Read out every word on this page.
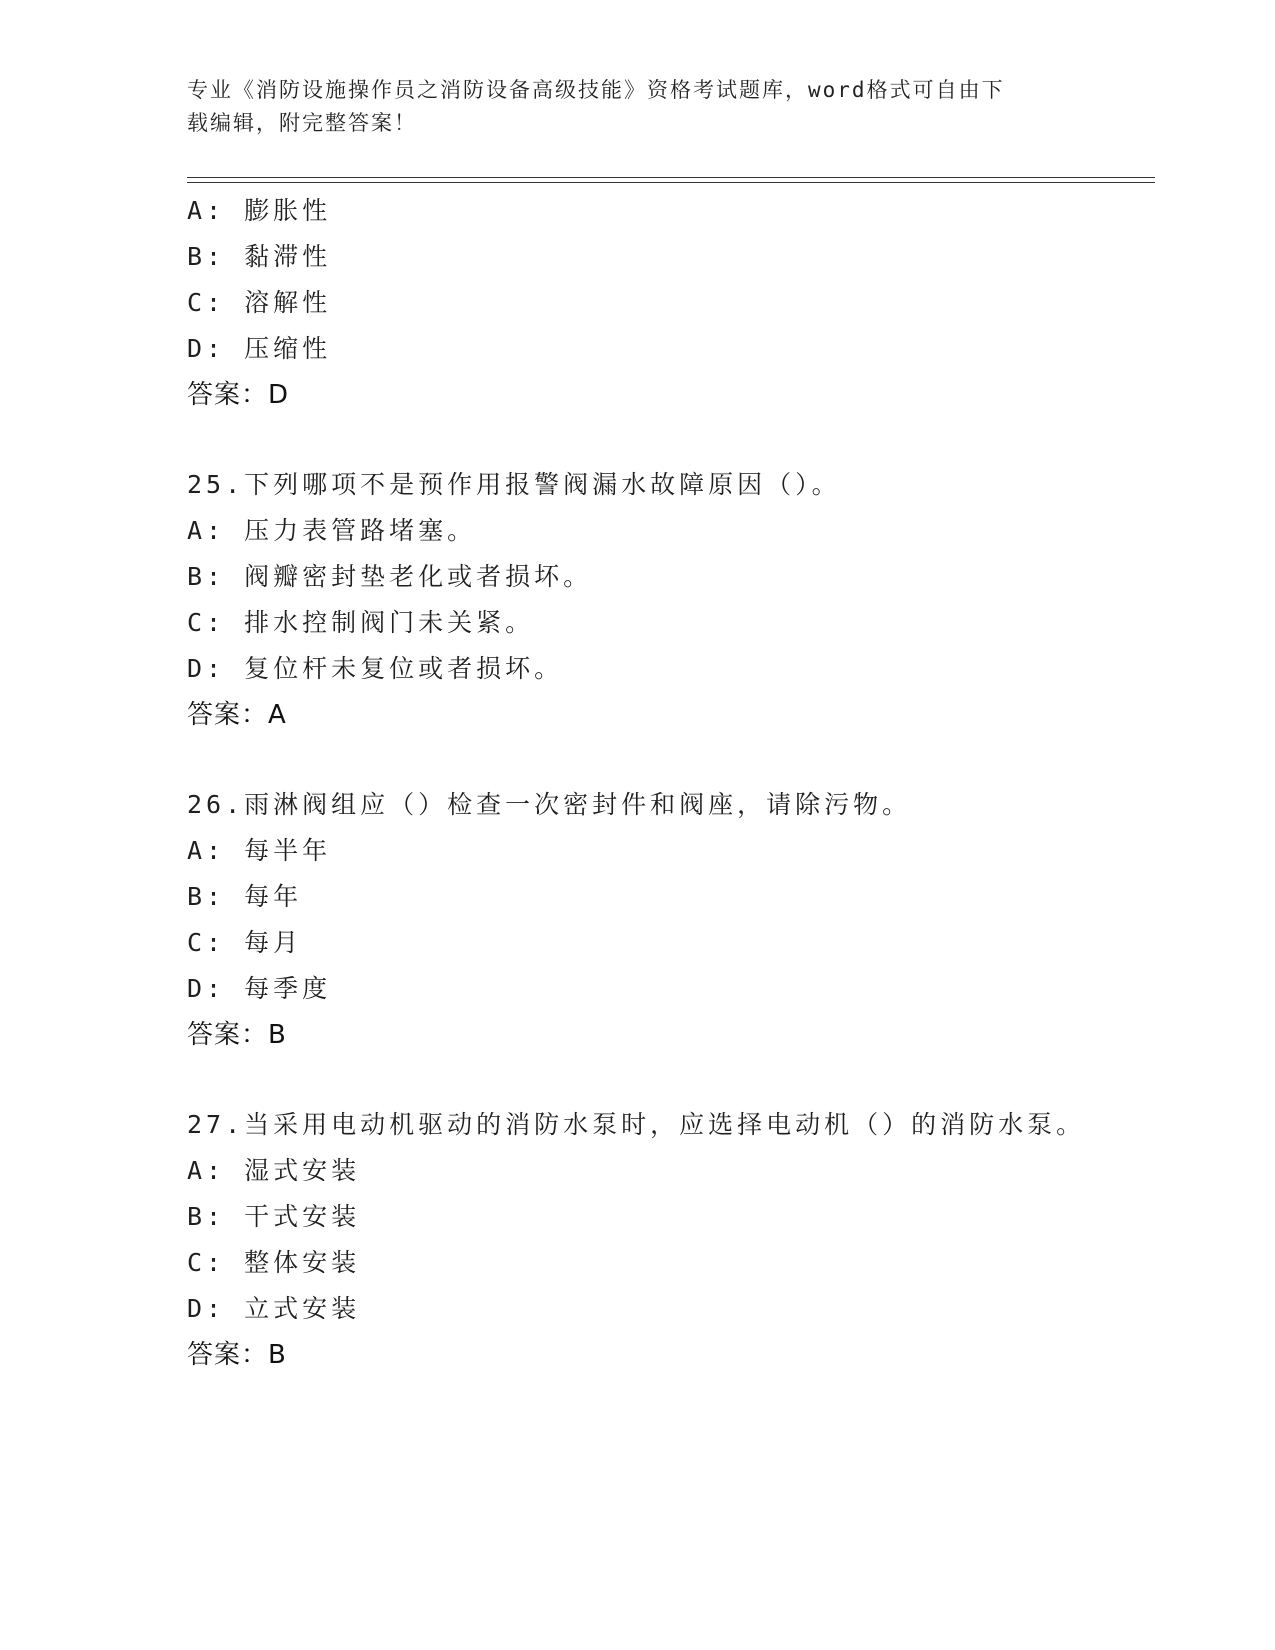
专业《消防设施操作员之消防设备高级技能》资格考试题库，word格式可自由下
载编辑，附完整答案！
A: 膨胀性
B: 黏滞性
C: 溶解性
D: 压缩性
答案：D
25.下列哪项不是预作用报警阀漏水故障原因（）。
A: 压力表管路堵塞。
B: 阀瓣密封垫老化或者损坏。
C: 排水控制阀门未关紧。
D: 复位杆未复位或者损坏。
答案：A
26.雨淋阀组应（）检查一次密封件和阀座，请除污物。
A: 每半年
B: 每年
C: 每月
D: 每季度
答案：B
27.当采用电动机驱动的消防水泵时，应选择电动机（）的消防水泵。
A: 湿式安装
B: 干式安装
C: 整体安装
D: 立式安装
答案：B
